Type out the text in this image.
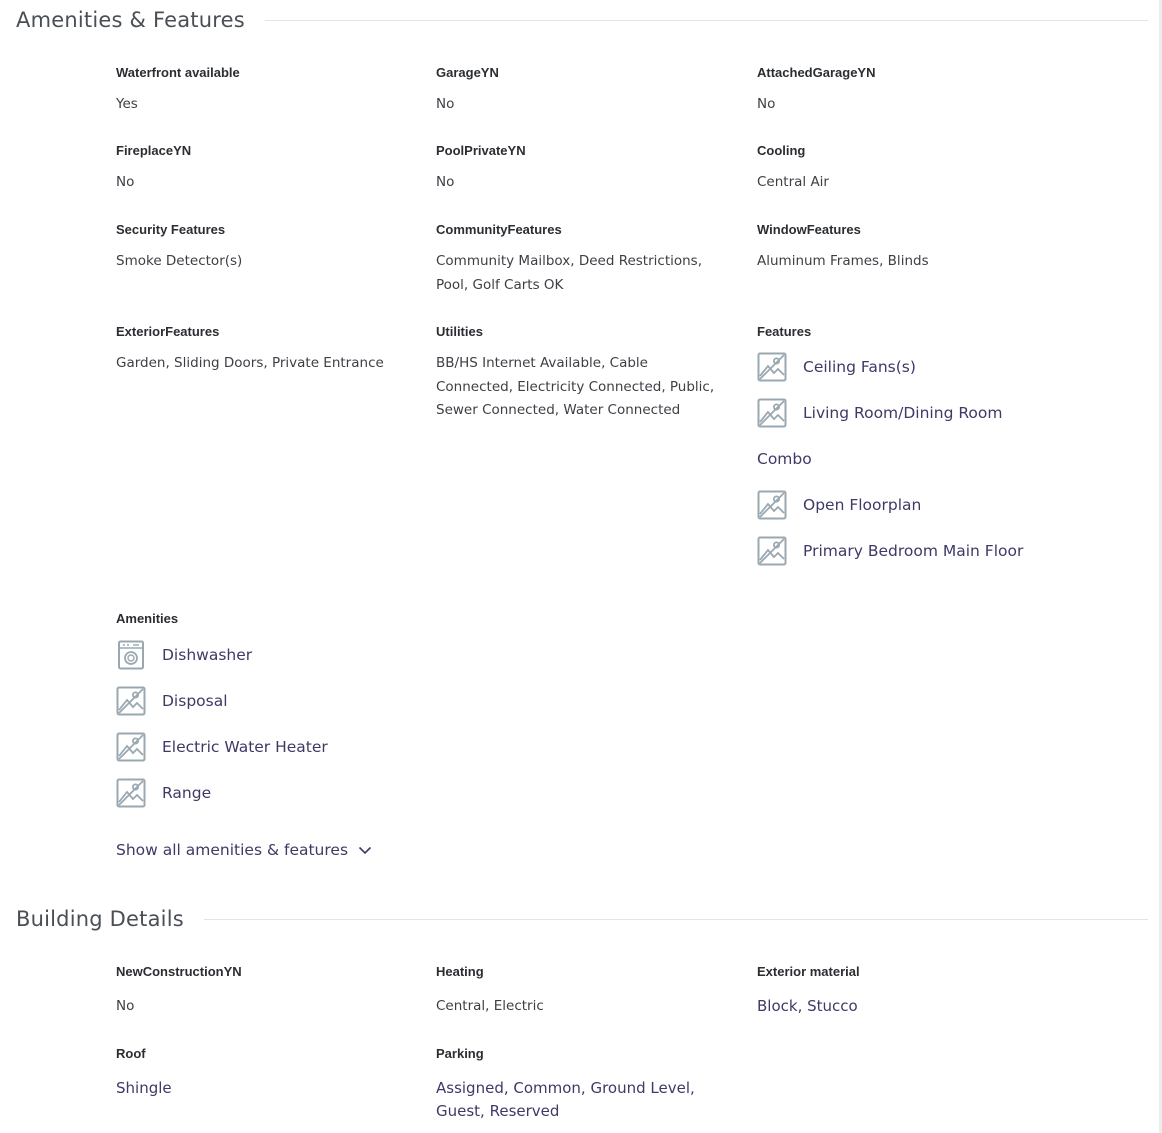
Amenities & Features
Waterfront available
Yes
GarageYN
No
AttachedGarageYN
No
FireplaceYN
No
PoolPrivateYN
No
Cooling
Central Air
Security Features
Smoke Detector(s)
CommunityFeatures
Community Mailbox, Deed Restrictions,
Pool, Golf Carts OK
WindowFeatures
Aluminum Frames, Blinds
ExteriorFeatures
Garden, Sliding Doors, Private Entrance
Utilities
BB/HS Internet Available, Cable
Connected, Electricity Connected, Public,
Sewer Connected, Water Connected
Features
Ceiling Fans(s)
Living Room/Dining Room
Combo
Open Floorplan
Primary Bedroom Main Floor
Amenities
Dishwasher
Disposal
Electric Water Heater
Range
Show all amenities & features
Building Details
NewConstructionYN
No
Heating
Central, Electric
Exterior material
Block, Stucco
Roof
Shingle
Parking
Assigned, Common, Ground Level,
Guest, Reserved
